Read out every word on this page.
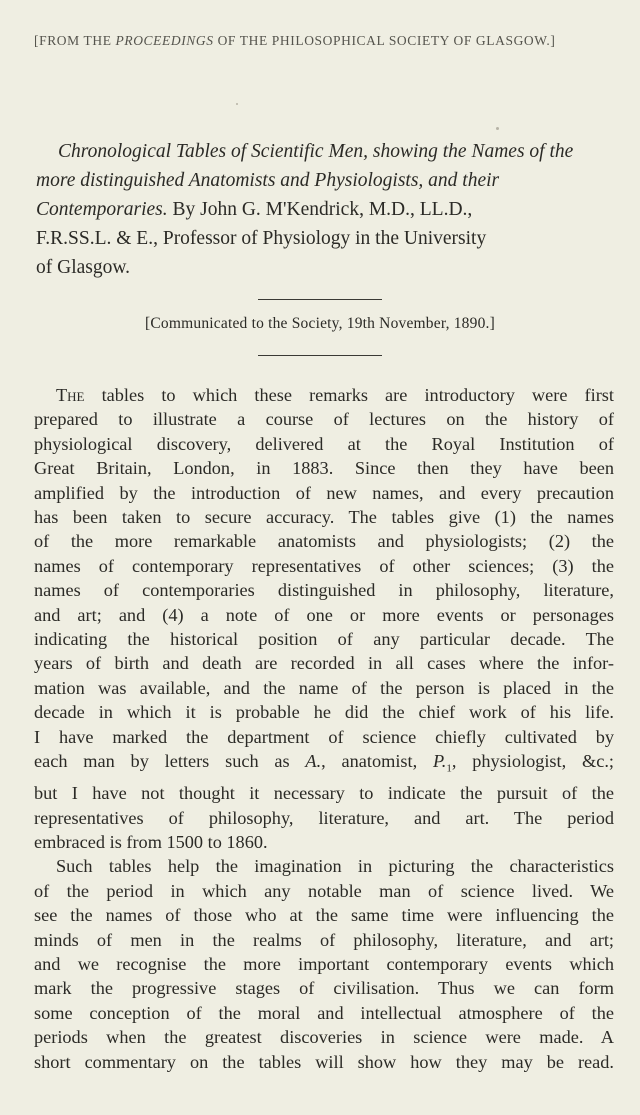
[FROM THE PROCEEDINGS OF THE PHILOSOPHICAL SOCIETY OF GLASGOW.]
Chronological Tables of Scientific Men, showing the Names of the
more distinguished Anatomists and Physiologists, and their
Contemporaries. By John G. M'Kendrick, M.D., LL.D.,
F.R.SS.L. & E., Professor of Physiology in the University
of Glasgow.
[Communicated to the Society, 19th November, 1890.]
The tables to which these remarks are introductory were first
prepared to illustrate a course of lectures on the history of
physiological discovery, delivered at the Royal Institution of
Great Britain, London, in 1883. Since then they have been
amplified by the introduction of new names, and every precaution
has been taken to secure accuracy. The tables give (1) the names
of the more remarkable anatomists and physiologists; (2) the
names of contemporary representatives of other sciences; (3) the
names of contemporaries distinguished in philosophy, literature,
and art; and (4) a note of one or more events or personages
indicating the historical position of any particular decade. The
years of birth and death are recorded in all cases where the infor-
mation was available, and the name of the person is placed in the
decade in which it is probable he did the chief work of his life.
I have marked the department of science chiefly cultivated by
each man by letters such as A., anatomist, $P._1$, physiologist, &c.;
but I have not thought it necessary to indicate the pursuit of the
representatives of philosophy, literature, and art. The period
embraced is from 1500 to 1860.
Such tables help the imagination in picturing the characteristics
of the period in which any notable man of science lived. We
see the names of those who at the same time were influencing the
minds of men in the realms of philosophy, literature, and art;
and we recognise the more important contemporary events which
mark the progressive stages of civilisation. Thus we can form
some conception of the moral and intellectual atmosphere of the
periods when the greatest discoveries in science were made. A
short commentary on the tables will show how they may be read.
